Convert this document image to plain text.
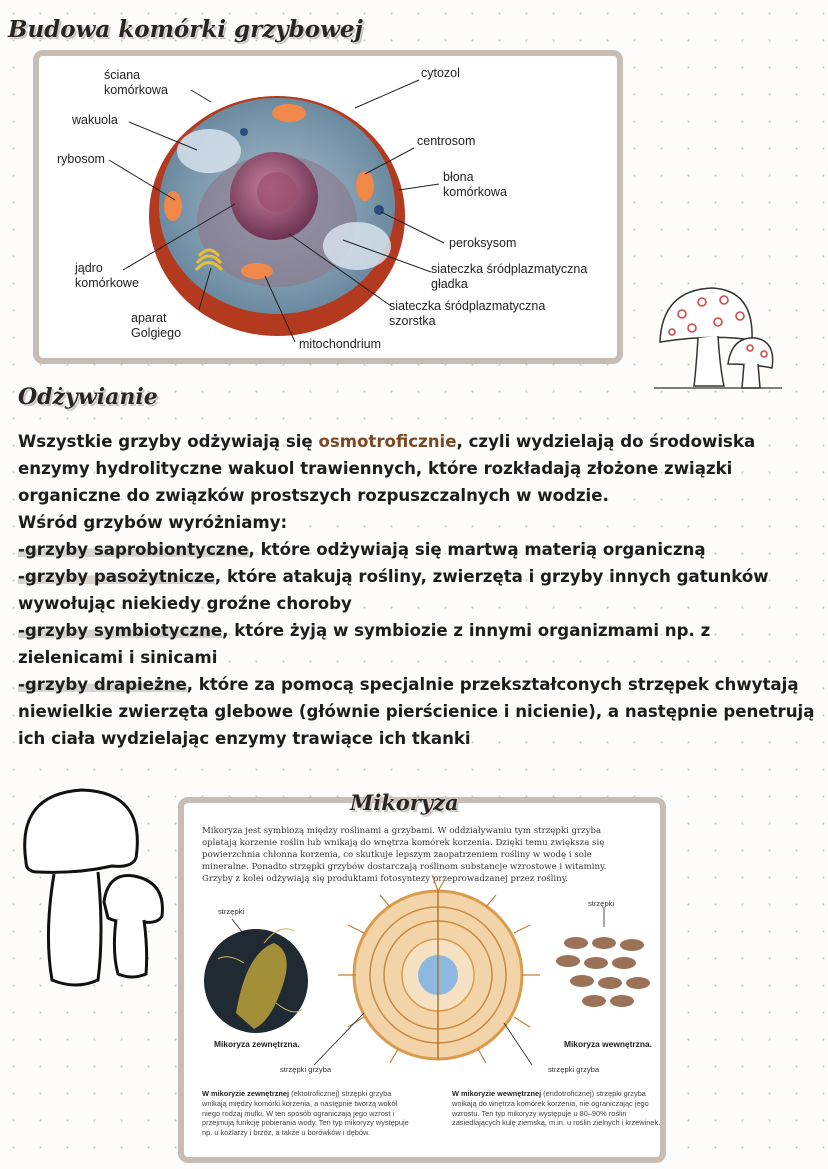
Budowa komórki grzybowej
ściana
komórkowa
cytozol
wakuola
centrosom
rybosom
błona
komórkowa
peroksysom
jądro
komórkowe
siateczka śródplazmatyczna
gładka
siateczka śródplazmatyczna
szorstka
aparat
Golgiego
mitochondrium
Odżywianie

Wszystkie grzyby odżywiają się osmotroficznie, czyli wydzielają do środowiska enzymy hydrolityczne wakuol trawiennych, które rozkładają złożone związki organiczne do związków prostszych rozpuszczalnych w wodzie.

Wśród grzybów wyróżniamy:

-grzyby saprobiontyczne, które odżywiają się martwą materią organiczną

-grzyby pasożytnicze, które atakują rośliny, zwierzęta i grzyby innych gatunków wywołując niekiedy groźne choroby

-grzyby symbiotyczne, które żyją w symbiozie z innymi organizmami np. z zielenicami i sinicami

-grzyby drapieżne, które za pomocą specjalnie przekształconych strzępek chwytają niewielkie zwierzęta glebowe (głównie pierścienice i nicienie), a następnie penetrują ich ciała wydzielając enzymy trawiące ich tkanki

Mikoryza jest symbiozą między roślinami a grzybami. W oddziaływaniu tym strzępki grzyba oplatają korzenie roślin lub wnikają do wnętrza komórek korzenia. Dzięki temu zwiększa się powierzchnia chłonna korzenia, co skutkuje lepszym zaopatrzeniem rośliny w wodę i sole mineralne. Ponadto strzępki grzybów dostarczają roślinom substancje wzrostowe i witaminy. Grzyby z kolei odżywiają się produktami fotosyntezy przeprowadzanej przez rośliny.
strzępki
strzępki
Mikoryza zewnętrzna.	Mikoryza wewnętrzna.
strzępki grzyba	strzępki grzyba
W mikoryzie zewnętrznej (ektotroficznej) strzępki grzyba wnikają między komórki korzenia, a następnie tworzą wokół niego rodzaj mufki. W ten sposób ograniczają jego wzrost i przejmują funkcję pobierania wody. Ten typ mikoryzy występuje np. u kożlarzy i brzóz, a także u borówków i dębów.
W mikoryzie wewnętrznej (endotroficznej) strzępki grzyba wnikają do wnętrza komórek korzenia, nie ograniczając jego wzrostu. Ten typ mikoryzy występuje u 80–90% roślin zasiedlających kulę ziemską, m.in. u roślin zielnych i krzewinek.
Mikoryza
